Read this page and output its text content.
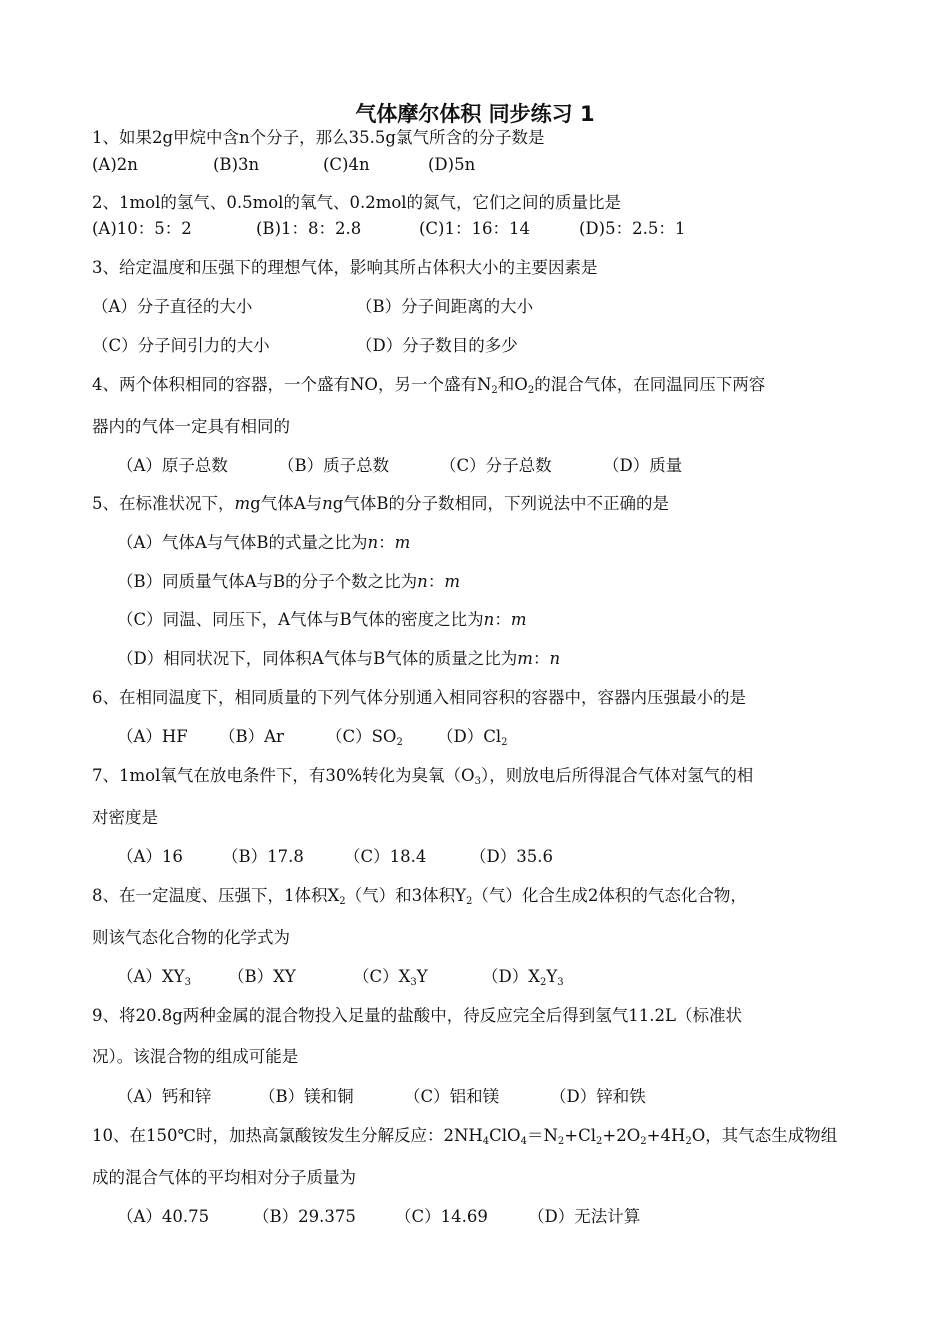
气体摩尔体积 同步练习 1
1、如果2g甲烷中含n个分子，那么35.5g氯气所含的分子数是
(A)2n	(B)3n	(C)4n	(D)5n
2、1mol的氢气、0.5mol的氧气、0.2mol的氮气，它们之间的质量比是
(A)10：5：2	(B)1：8：2.8	(C)1：16：14	(D)5：2.5：1
3、给定温度和压强下的理想气体，影响其所占体积大小的主要因素是
（A）分子直径的大小	（B）分子间距离的大小
（C）分子间引力的大小	（D）分子数目的多少
4、两个体积相同的容器，一个盛有NO，另一个盛有$N_2$和$O_2$的混合气体，在同温同压下两容
器内的气体一定具有相同的
（A）原子总数	（B）质子总数	（C）分子总数	（D）质量
5、在标准状况下，mg气体A与ng气体B的分子数相同，下列说法中不正确的是
（A）气体A与气体B的式量之比为n：m
（B）同质量气体A与B的分子个数之比为n：m
（C）同温、同压下，A气体与B气体的密度之比为n：m
（D）相同状况下，同体积A气体与B气体的质量之比为m：n
6、在相同温度下，相同质量的下列气体分别通入相同容积的容器中，容器内压强最小的是
（A）HF （B）Ar	$(C)SO_2$ $(D)Cl_2$
7、1mol氧气在放电条件下，有30%转化为臭氧$(O_3)$，则放电后所得混合气体对氢气的相
对密度是
（A）16 （B）17.8 （C）18.4	（D）35.6
8、在一定温度、压强下，1体积$X_2$（气）和3体积$Y_2$（气）化合生成2体积的气态化合物，
则该气态化合物的化学式为
$(A)XY_3$ （B）XY	$(C)X_3Y$	$(D)X_2Y_3$
9、将20.8g两种金属的混合物投入足量的盐酸中，待反应完全后得到氢气11.2L（标准状
况）。该混合物的组成可能是
（A）钙和锌	（B）镁和铜	（C）铝和镁	（D）锌和铁
10、在150℃时，加热高氯酸铵发生分解反应：$2NH_4ClO_4=N_2+Cl_2+2O_2+4H_2O$，其气态生成物组
成的混合气体的平均相对分子质量为
（A）40.75	（B）29.375 （C）14.69 （D）无法计算
